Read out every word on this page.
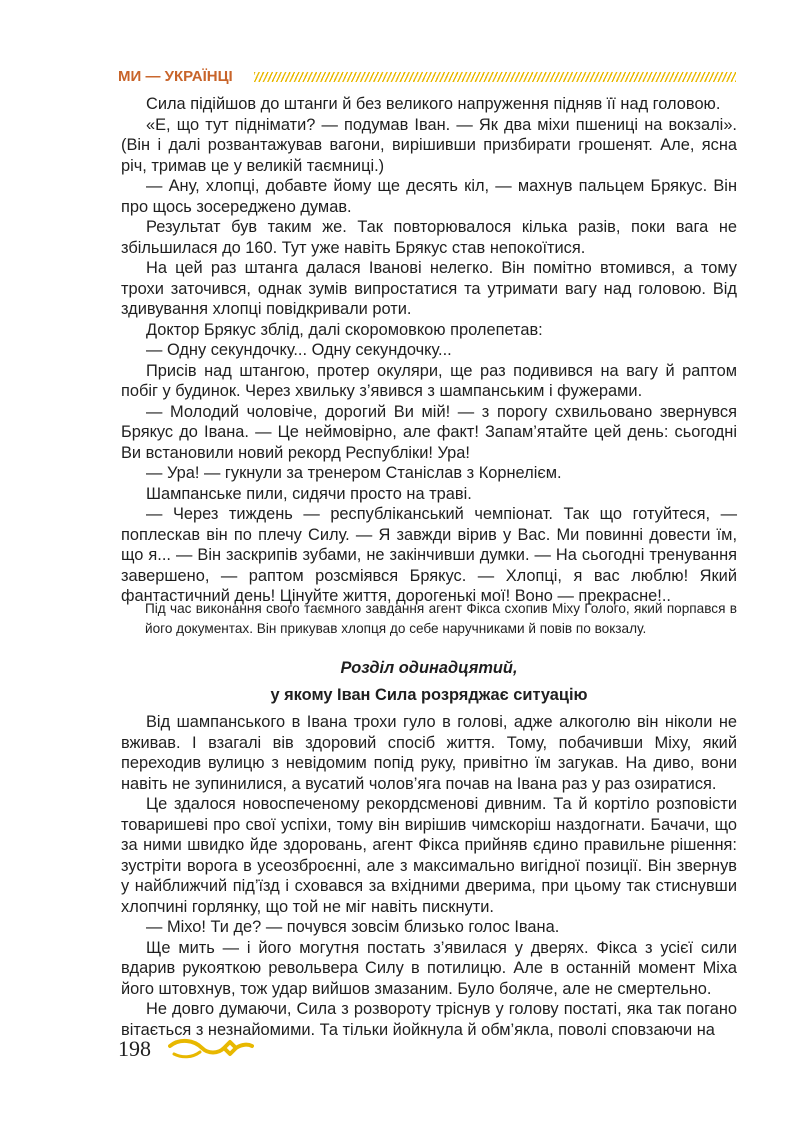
МИ — УКРАЇНЦІ

Сила підійшов до штанги й без великого напруження підняв її над головою.

«Е, що тут піднімати? — подумав Іван. — Як два міхи пшениці на вокзалі». (Він і далі розвантажував вагони, вирішивши призбирати грошенят. Але, ясна річ, тримав це у великій таємниці.)

— Ану, хлопці, добавте йому ще десять кіл, — махнув пальцем Брякус. Він про щось зосереджено думав.

Результат був таким же. Так повторювалося кілька разів, поки вага не збільшилася до 160. Тут уже навіть Брякус став непокоїтися.

На цей раз штанга далася Іванові нелегко. Він помітно втомився, а тому трохи заточився, однак зумів випростатися та утримати вагу над головою. Від здивування хлопці повідкривали роти.

Доктор Брякус зблід, далі скоромовкою пролепетав:

— Одну секундочку... Одну секундочку...

Присів над штангою, протер окуляри, ще раз подивився на вагу й раптом побіг у будинок. Через хвильку з’явився з шампанським і фужерами.

— Молодий чоловіче, дорогий Ви мій! — з порогу схвильовано звернувся Брякус до Івана. — Це неймовірно, але факт! Запам’ятайте цей день: сьогодні Ви встановили новий рекорд Республіки! Ура!

— Ура! — гукнули за тренером Станіслав з Корнелієм.

Шампанське пили, сидячи просто на траві.

— Через тиждень — республіканський чемпіонат. Так що готуйтеся, — поплескав він по плечу Силу. — Я завжди вірив у Вас. Ми повинні довести їм, що я... — Він заскрипів зубами, не закінчивши думки. — На сьогодні тренування завершено, — раптом розсміявся Брякус. — Хлопці, я вас люблю! Який фантастичний день! Цінуйте життя, дорогенькі мої! Воно — прекрасне!..

Під час виконання свого таємного завдання агент Фікса схопив Міху Голого, який порпався в його документах. Він прикував хлопця до себе наручниками й повів по вокзалу.

Розділ одинадцятий,
у якому Іван Сила розряджає ситуацію

Від шампанського в Івана трохи гуло в голові, адже алкоголю він ніколи не вживав. І взагалі вів здоровий спосіб життя. Тому, побачивши Міху, який переходив вулицю з невідомим попід руку, привітно їм загукав. На диво, вони навіть не зупинилися, а вусатий чолов’яга почав на Івана раз у раз озиратися.

Це здалося новоспеченому рекордсменові дивним. Та й кортіло розповісти товаришеві про свої успіхи, тому він вирішив чимскоріш наздогнати. Бачачи, що за ними швидко йде здоровань, агент Фікса прийняв єдино правильне рішення: зустріти ворога в усеозброєнні, але з максимально вигідної позиції. Він звернув у найближчий під’їзд і сховався за вхідними дверима, при цьому так стиснувши хлопчині горлянку, що той не міг навіть пискнути.

— Міхо! Ти де? — почувся зовсім близько голос Івана.

Ще мить — і його могутня постать з’явилася у дверях. Фікса з усієї сили вдарив рукояткою револьвера Силу в потилицю. Але в останній момент Міха його штовхнув, тож удар вийшов змазаним. Було боляче, але не смертельно.

Не довго думаючи, Сила з розвороту тріснув у голову постаті, яка так погано вітається з незнайомими. Та тільки йойкнула й обм’якла, поволі сповзаючи на

198
